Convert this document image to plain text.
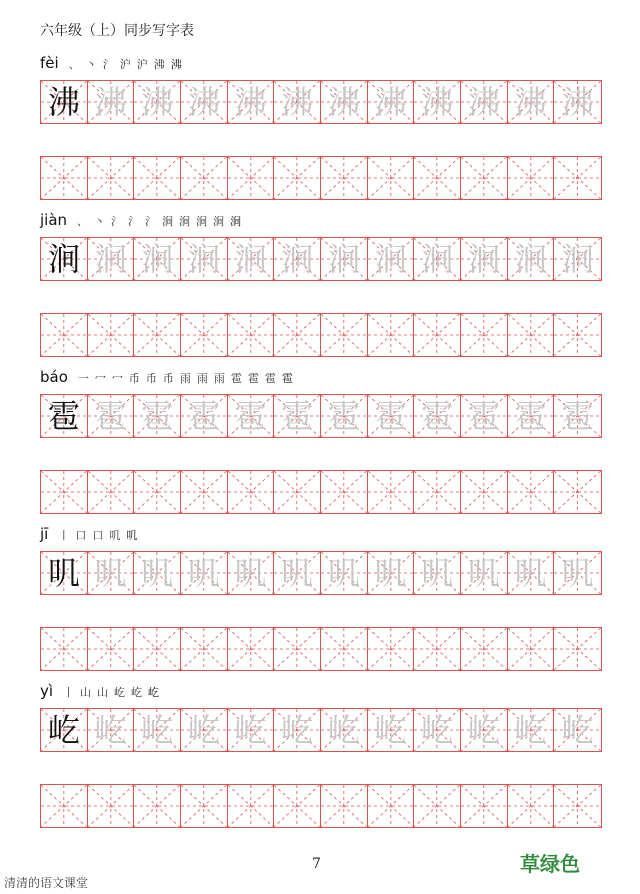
六年级（上）同步写字表
fèi 、 丶 氵 沪 沪 沸 沸
沸 沸 沸 沸 沸 沸 沸 沸 沸 沸 沸 沸
jiàn 、 丶 氵 氵 氵 涧 涧 涧 涧 涧
涧 涧 涧 涧 涧 涧 涧 涧 涧 涧 涧 涧
báo 一 冖 冖 币 币 币 雨 雨 雨 雹 雹 雹 雹
雹 雹 雹 雹 雹 雹 雹 雹 雹 雹 雹 雹
jī 丨 口 口 叽 叽
叽 叽 叽 叽 叽 叽 叽 叽 叽 叽 叽 叽
yì 丨 山 山 屹 屹 屹
屹 屹 屹 屹 屹 屹 屹 屹 屹 屹 屹 屹
7	草绿色
清清的语文课堂
